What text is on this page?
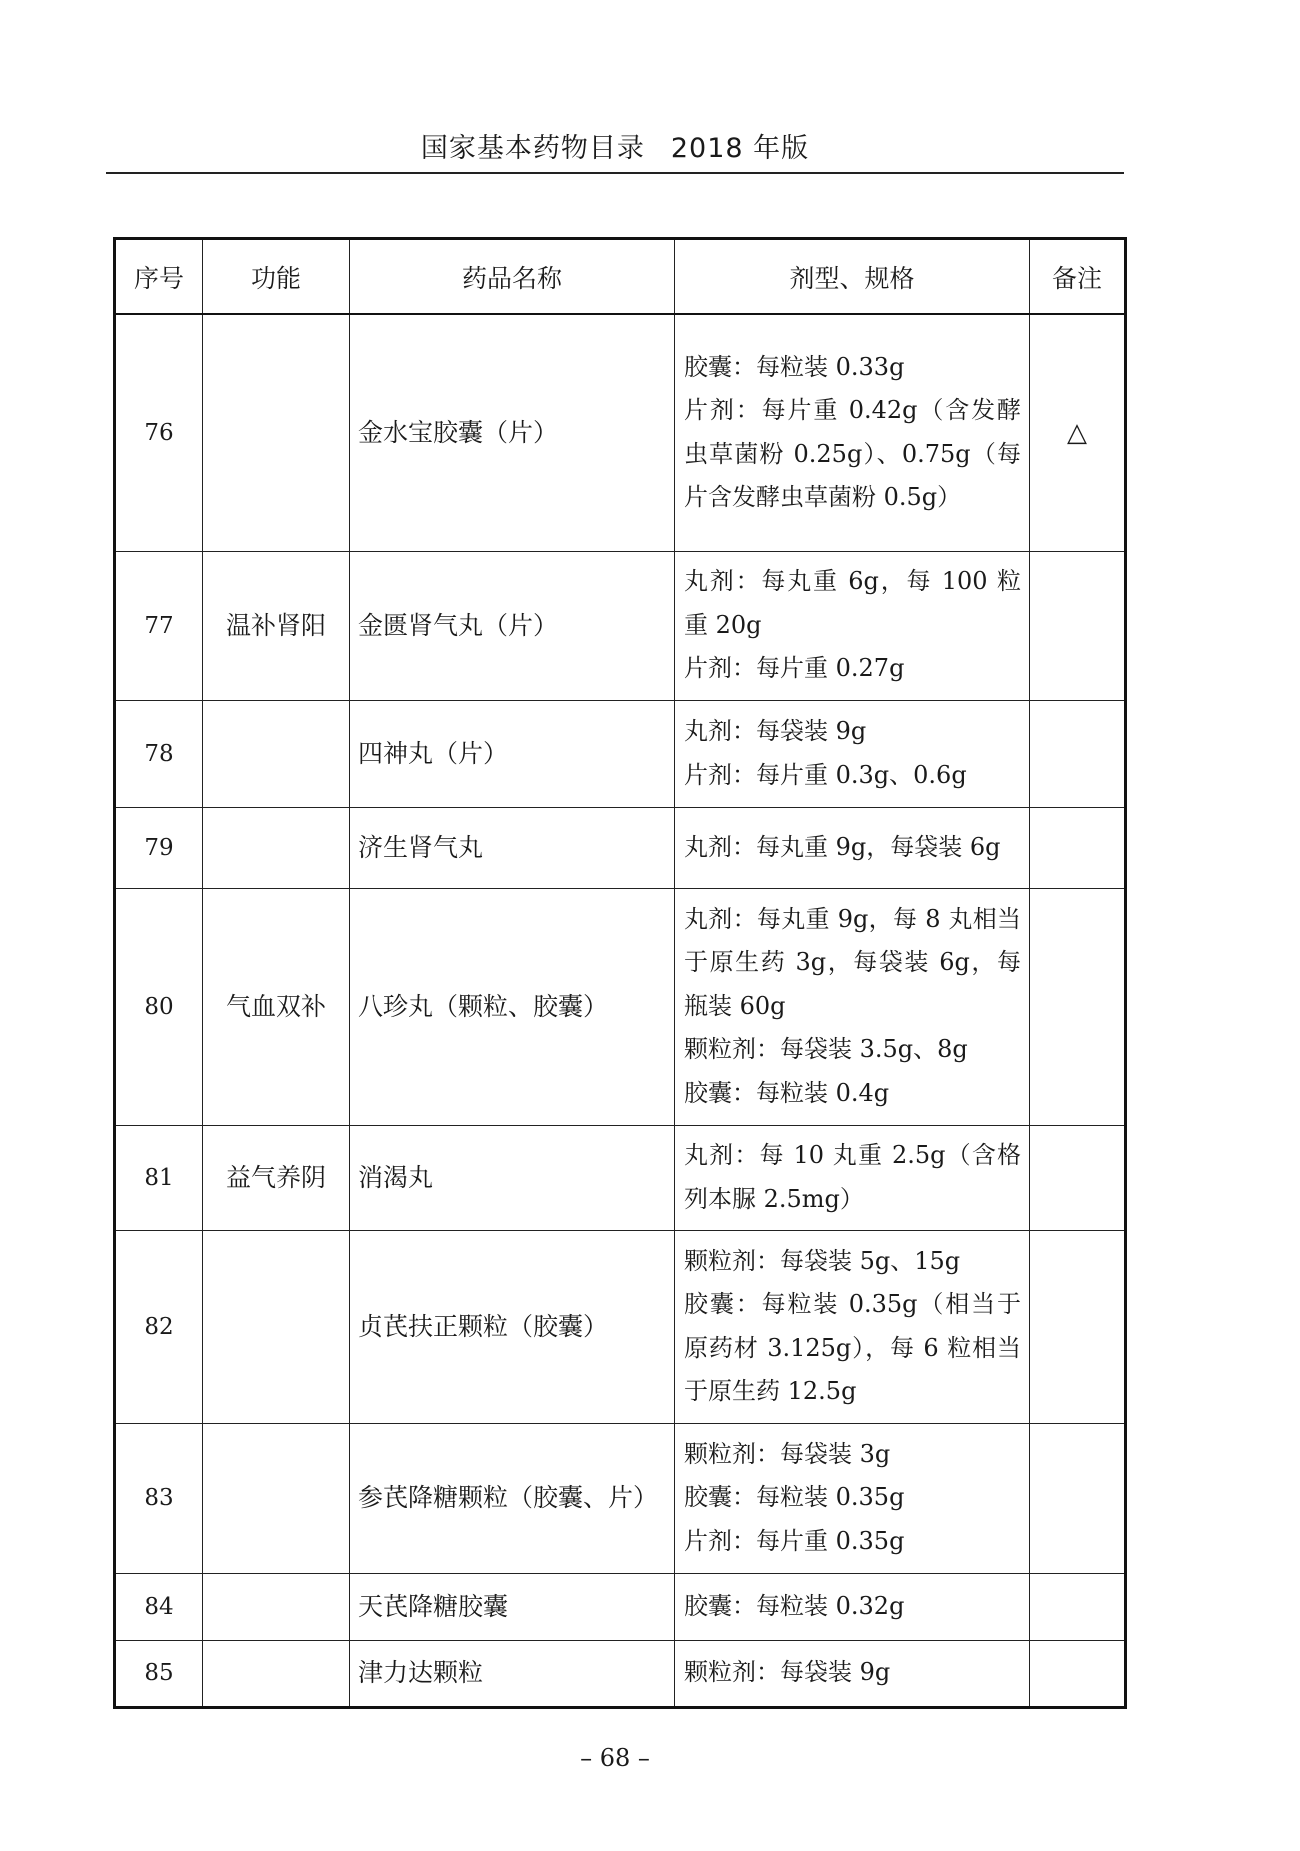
国家基本药物目录 2018 年版
序号	功能	药品名称	剂型、规格	备注
76		金水宝胶囊（片）	胶囊：每粒装 0.33g
片剂：每片重 0.42g（含发酵虫草菌粉 0.25g）、0.75g（每片含发酵虫草菌粉 0.5g）	△
77	温补肾阳	金匮肾气丸（片）	丸剂：每丸重 6g，每 100 粒重 20g
片剂：每片重 0.27g	

78		四神丸（片）	丸剂：每袋装 9g
片剂：每片重 0.3g、0.6g	

79		济生肾气丸	丸剂：每丸重 9g，每袋装 6g	

80	气血双补	八珍丸（颗粒、胶囊）	丸剂：每丸重 9g，每 8 丸相当于原生药 3g，每袋装 6g，每瓶装 60g
颗粒剂：每袋装 3.5g、8g
胶囊：每粒装 0.4g	

81	益气养阴	消渴丸	丸剂：每 10 丸重 2.5g（含格列本脲 2.5mg）	

82		贞芪扶正颗粒（胶囊）	颗粒剂：每袋装 5g、15g
胶囊：每粒装 0.35g（相当于原药材 3.125g），每 6 粒相当于原生药 12.5g	

83		参芪降糖颗粒（胶囊、片）	颗粒剂：每袋装 3g
胶囊：每粒装 0.35g
片剂：每片重 0.35g	

84		天芪降糖胶囊	胶囊：每粒装 0.32g	

85		津力达颗粒	颗粒剂：每袋装 9g	

– 68 –
